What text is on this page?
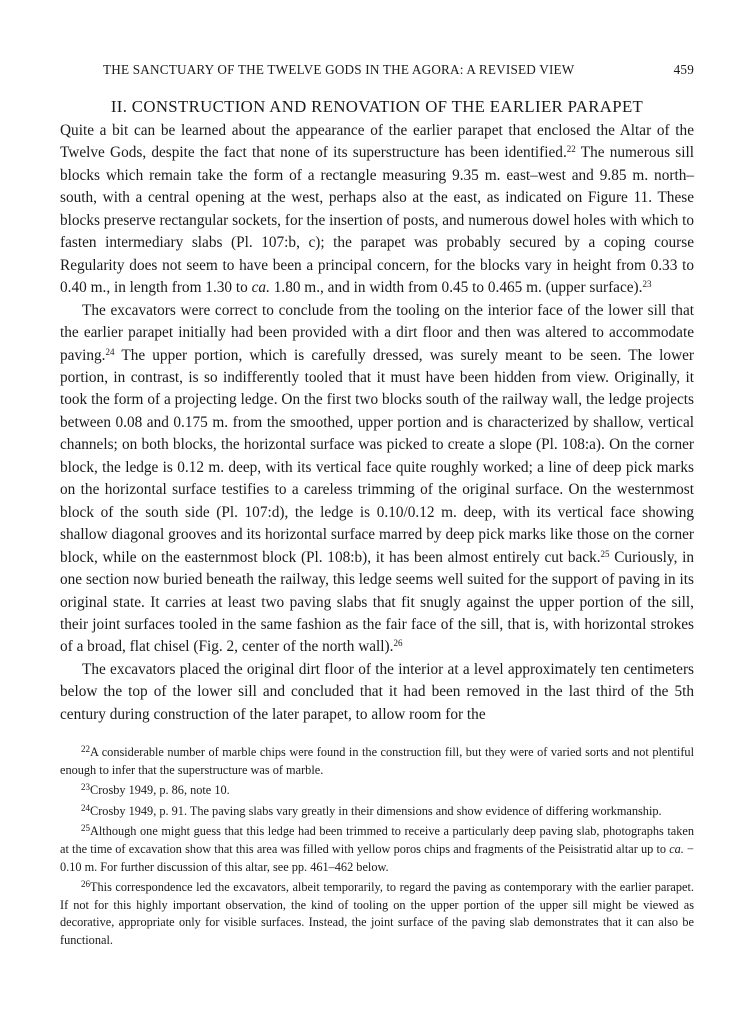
THE SANCTUARY OF THE TWELVE GODS IN THE AGORA: A REVISED VIEW	459
II. CONSTRUCTION AND RENOVATION OF THE EARLIER PARAPET

Quite a bit can be learned about the appearance of the earlier parapet that enclosed the Altar of the Twelve Gods, despite the fact that none of its superstructure has been identified.$^{22}$ The numerous sill blocks which remain take the form of a rectangle measuring 9.35 m. east–west and 9.85 m. north–south, with a central opening at the west, perhaps also at the east, as indicated on Figure 11. These blocks preserve rectangular sockets, for the insertion of posts, and numerous dowel holes with which to fasten intermediary slabs (Pl. 107:b, c); the parapet was probably secured by a coping course Regularity does not seem to have been a principal concern, for the blocks vary in height from 0.33 to 0.40 m., in length from 1.30 to ca. 1.80 m., and in width from 0.45 to 0.465 m. (upper surface).$^{23}$

The excavators were correct to conclude from the tooling on the interior face of the lower sill that the earlier parapet initially had been provided with a dirt floor and then was altered to accommodate paving.$^{24}$ The upper portion, which is carefully dressed, was surely meant to be seen. The lower portion, in contrast, is so indifferently tooled that it must have been hidden from view. Originally, it took the form of a projecting ledge. On the first two blocks south of the railway wall, the ledge projects between 0.08 and 0.175 m. from the smoothed, upper portion and is characterized by shallow, vertical channels; on both blocks, the horizontal surface was picked to create a slope (Pl. 108:a). On the corner block, the ledge is 0.12 m. deep, with its vertical face quite roughly worked; a line of deep pick marks on the horizontal surface testifies to a careless trimming of the original surface. On the westernmost block of the south side (Pl. 107:d), the ledge is 0.10/0.12 m. deep, with its vertical face showing shallow diagonal grooves and its horizontal surface marred by deep pick marks like those on the corner block, while on the easternmost block (Pl. 108:b), it has been almost entirely cut back.$^{25}$ Curiously, in one section now buried beneath the railway, this ledge seems well suited for the support of paving in its original state. It carries at least two paving slabs that fit snugly against the upper portion of the sill, their joint surfaces tooled in the same fashion as the fair face of the sill, that is, with horizontal strokes of a broad, flat chisel (Fig. 2, center of the north wall).$^{26}$

The excavators placed the original dirt floor of the interior at a level approximately ten centimeters below the top of the lower sill and concluded that it had been removed in the last third of the 5th century during construction of the later parapet, to allow room for the

$^{22}$A considerable number of marble chips were found in the construction fill, but they were of varied sorts and not plentiful enough to infer that the superstructure was of marble.

$^{23}$Crosby 1949, p. 86, note 10.

$^{24}$Crosby 1949, p. 91. The paving slabs vary greatly in their dimensions and show evidence of differing workmanship.

$^{25}$Although one might guess that this ledge had been trimmed to receive a particularly deep paving slab, photographs taken at the time of excavation show that this area was filled with yellow poros chips and fragments of the Peisistratid altar up to ca. − 0.10 m. For further discussion of this altar, see pp. 461–462 below.

$^{26}$This correspondence led the excavators, albeit temporarily, to regard the paving as contemporary with the earlier parapet. If not for this highly important observation, the kind of tooling on the upper portion of the upper sill might be viewed as decorative, appropriate only for visible surfaces. Instead, the joint surface of the paving slab demonstrates that it can also be functional.
